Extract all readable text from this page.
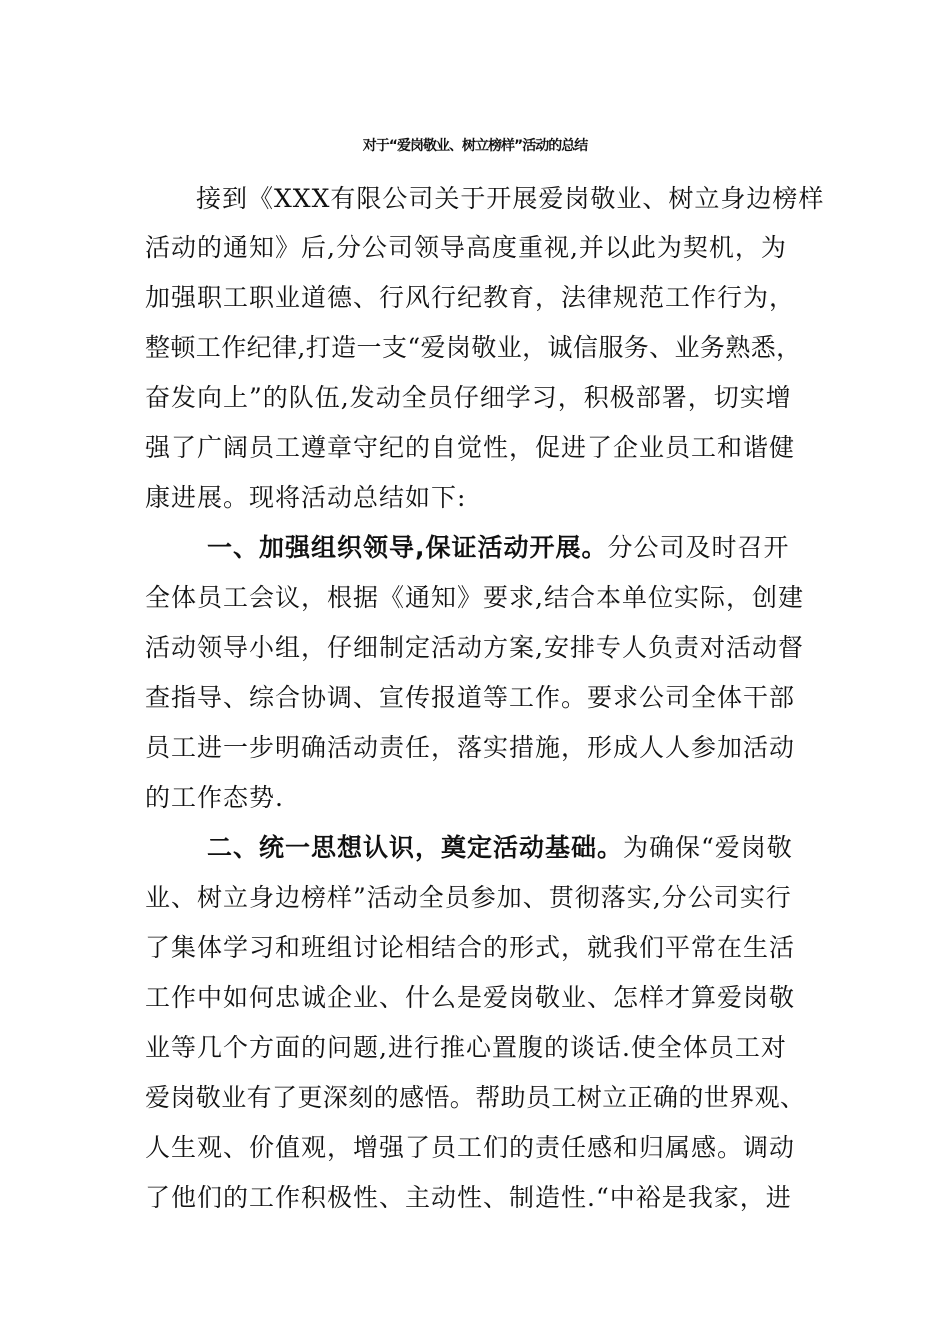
对于“爱岗敬业、树立榜样”活动的总结
接到《XXX有限公司关于开展爱岗敬业、树立身边榜样
活动的通知》后,分公司领导高度重视,并以此为契机，为
加强职工职业道德、行风行纪教育，法律规范工作行为，
整顿工作纪律,打造一支“爱岗敬业，诚信服务、业务熟悉，
奋发向上”的队伍,发动全员仔细学习，积极部署，切实增
强了广阔员工遵章守纪的自觉性，促进了企业员工和谐健
康进展。现将活动总结如下:
一、加强组织领导,保证活动开展。分公司及时召开
全体员工会议，根据《通知》要求,结合本单位实际，创建
活动领导小组，仔细制定活动方案,安排专人负责对活动督
查指导、综合协调、宣传报道等工作。要求公司全体干部
员工进一步明确活动责任，落实措施，形成人人参加活动
的工作态势.
二、统一思想认识，奠定活动基础。为确保“爱岗敬
业、树立身边榜样”活动全员参加、贯彻落实,分公司实行
了集体学习和班组讨论相结合的形式，就我们平常在生活
工作中如何忠诚企业、什么是爱岗敬业、怎样才算爱岗敬
业等几个方面的问题,进行推心置腹的谈话.使全体员工对
爱岗敬业有了更深刻的感悟。帮助员工树立正确的世界观、
人生观、价值观，增强了员工们的责任感和归属感。调动
了他们的工作积极性、主动性、制造性.“中裕是我家，进
